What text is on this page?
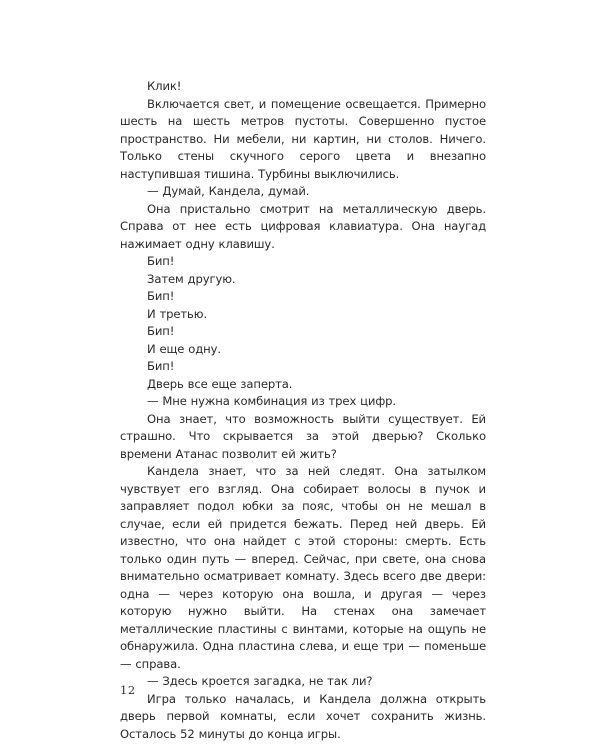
Клик!

Включается свет, и помещение освещается. Примерно шесть на шесть метров пустоты. Совершенно пустое пространство. Ни мебели, ни картин, ни столов. Ничего. Только стены скучного серого цвета и внезапно наступившая тишина. Турбины выключились.

— Думай, Кандела, думай.

Она пристально смотрит на металлическую дверь. Справа от нее есть цифровая клавиатура. Она наугад нажимает одну клавишу.

Бип!

Затем другую.

Бип!

И третью.

Бип!

И еще одну.

Бип!

Дверь все еще заперта.

— Мне нужна комбинация из трех цифр.

Она знает, что возможность выйти существует. Ей страшно. Что скрывается за этой дверью? Сколько времени Атанас позволит ей жить?

Кандела знает, что за ней следят. Она затылком чувствует его взгляд. Она собирает волосы в пучок и заправляет подол юбки за пояс, чтобы он не мешал в случае, если ей придется бежать. Перед ней дверь. Ей известно, что она найдет с этой стороны: смерть. Есть только один путь — вперед. Сейчас, при свете, она снова внимательно осматривает комнату. Здесь всего две двери: одна — через которую она вошла, и другая — через которую нужно выйти. На стенах она замечает металлические пластины с винтами, которые на ощупь не обнаружила. Одна пластина слева, и еще три — поменьше — справа.

— Здесь кроется загадка, не так ли?

Игра только началась, и Кандела должна открыть дверь первой комнаты, если хочет сохранить жизнь. Осталось 52 минуты до конца игры.

12
